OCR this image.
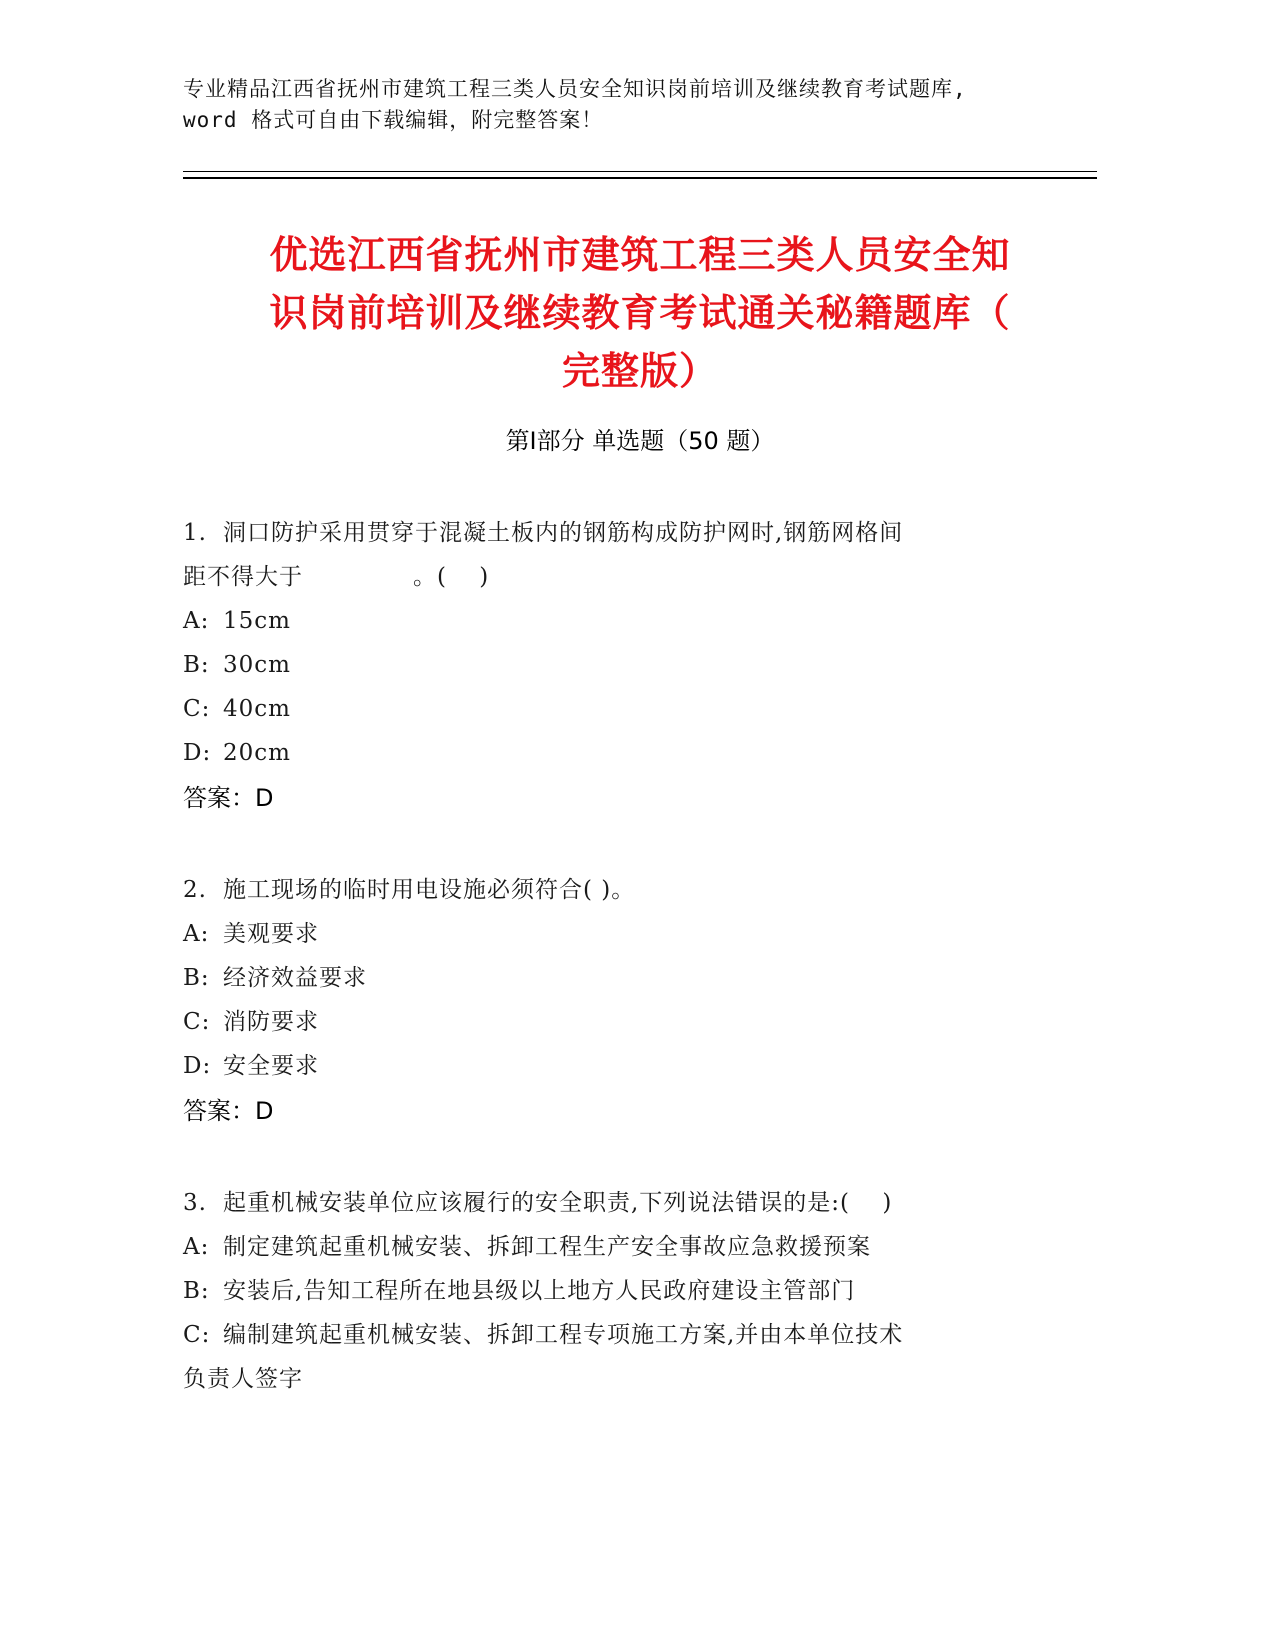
专业精品江西省抚州市建筑工程三类人员安全知识岗前培训及继续教育考试题库,
word 格式可自由下载编辑，附完整答案！
优选江西省抚州市建筑工程三类人员安全知
识岗前培训及继续教育考试通关秘籍题库（
完整版）
第Ⅰ部分 单选题（50 题）
1. 洞口防护采用贯穿于混凝土板内的钢筋构成防护网时,钢筋网格间
距不得大于	。(　 )
A: 15cm
B: 30cm
C: 40cm
D: 20cm
答案：D
2. 施工现场的临时用电设施必须符合( )。
A: 美观要求
B: 经济效益要求
C: 消防要求
D: 安全要求
答案：D
3. 起重机械安装单位应该履行的安全职责,下列说法错误的是:(　 )
A: 制定建筑起重机械安装、拆卸工程生产安全事故应急救援预案
B: 安装后,告知工程所在地县级以上地方人民政府建设主管部门
C: 编制建筑起重机械安装、拆卸工程专项施工方案,并由本单位技术
负责人签字
